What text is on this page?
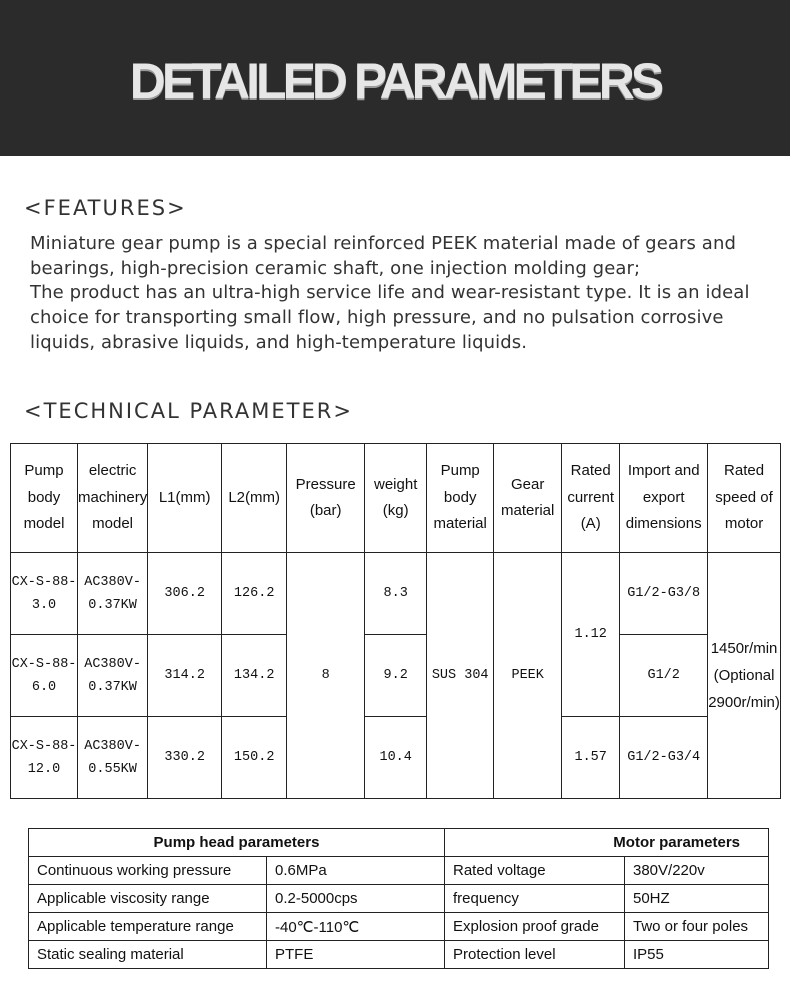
DETAILED PARAMETERS
<FEATURES>

Miniature gear pump is a special reinforced PEEK material made of gears and bearings, high-precision ceramic shaft, one injection molding gear;

The product has an ultra-high service life and wear-resistant type. It is an ideal choice for transporting small flow, high pressure, and no pulsation corrosive liquids, abrasive liquids, and high-temperature liquids.

<TECHNICAL PARAMETER>
Pump body model	electric machinery model	L1(mm)	L2(mm)	Pressure (bar)	weight (kg)	Pump body material	Gear material	Rated current (A)	Import and export dimensions	Rated speed of motor
CX-S-88-3.0	AC380V-0.37KW	306.2	126.2	8	8.3	SUS 304	PEEK	1.12	G1/2-G3/8	1450r/min (Optional 2900r/min)
CX-S-88-6.0	AC380V-0.37KW	314.2	134.2		9.2				G1/2	
CX-S-88-12.0	AC380V-0.55KW	330.2	150.2		10.4			1.57	G1/2-G3/4	
Pump head parameters		Motor parameters	
Continuous working pressure	0.6MPa	Rated voltage	380V/220v
Applicable viscosity range	0.2-5000cps	frequency	50HZ
Applicable temperature range	-40℃-110℃	Explosion proof grade	Two or four poles
Static sealing material	PTFE	Protection level	IP55
